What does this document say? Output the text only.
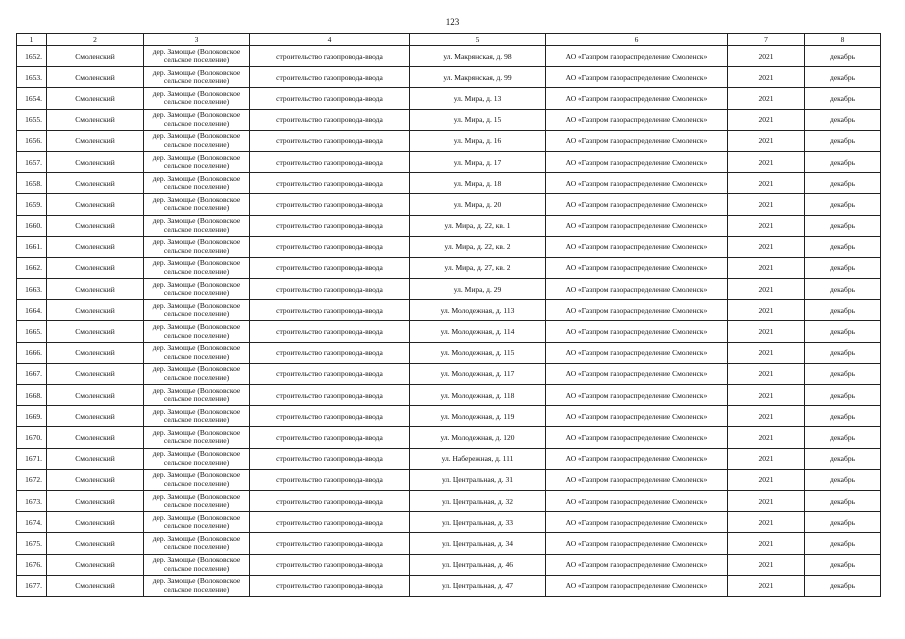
123
1	2	3	4	5	6	7	8
1652.	Смоленский	дер. Замощье (Волоковское сельское поселение)	строительство газопровода-ввода	ул. Макрянская, д. 98	АО «Газпром газораспределение Смоленск»	2021	декабрь
1653.	Смоленский	дер. Замощье (Волоковское сельское поселение)	строительство газопровода-ввода	ул. Макрянская, д. 99	АО «Газпром газораспределение Смоленск»	2021	декабрь
1654.	Смоленский	дер. Замощье (Волоковское сельское поселение)	строительство газопровода-ввода	ул. Мира, д. 13	АО «Газпром газораспределение Смоленск»	2021	декабрь
1655.	Смоленский	дер. Замощье (Волоковское сельское поселение)	строительство газопровода-ввода	ул. Мира, д. 15	АО «Газпром газораспределение Смоленск»	2021	декабрь
1656.	Смоленский	дер. Замощье (Волоковское сельское поселение)	строительство газопровода-ввода	ул. Мира, д. 16	АО «Газпром газораспределение Смоленск»	2021	декабрь
1657.	Смоленский	дер. Замощье (Волоковское сельское поселение)	строительство газопровода-ввода	ул. Мира, д. 17	АО «Газпром газораспределение Смоленск»	2021	декабрь
1658.	Смоленский	дер. Замощье (Волоковское сельское поселение)	строительство газопровода-ввода	ул. Мира, д. 18	АО «Газпром газораспределение Смоленск»	2021	декабрь
1659.	Смоленский	дер. Замощье (Волоковское сельское поселение)	строительство газопровода-ввода	ул. Мира, д. 20	АО «Газпром газораспределение Смоленск»	2021	декабрь
1660.	Смоленский	дер. Замощье (Волоковское сельское поселение)	строительство газопровода-ввода	ул. Мира, д. 22, кв. 1	АО «Газпром газораспределение Смоленск»	2021	декабрь
1661.	Смоленский	дер. Замощье (Волоковское сельское поселение)	строительство газопровода-ввода	ул. Мира, д. 22, кв. 2	АО «Газпром газораспределение Смоленск»	2021	декабрь
1662.	Смоленский	дер. Замощье (Волоковское сельское поселение)	строительство газопровода-ввода	ул. Мира, д. 27, кв. 2	АО «Газпром газораспределение Смоленск»	2021	декабрь
1663.	Смоленский	дер. Замощье (Волоковское сельское поселение)	строительство газопровода-ввода	ул. Мира, д. 29	АО «Газпром газораспределение Смоленск»	2021	декабрь
1664.	Смоленский	дер. Замощье (Волоковское сельское поселение)	строительство газопровода-ввода	ул. Молодежная, д. 113	АО «Газпром газораспределение Смоленск»	2021	декабрь
1665.	Смоленский	дер. Замощье (Волоковское сельское поселение)	строительство газопровода-ввода	ул. Молодежная, д. 114	АО «Газпром газораспределение Смоленск»	2021	декабрь
1666.	Смоленский	дер. Замощье (Волоковское сельское поселение)	строительство газопровода-ввода	ул. Молодежная, д. 115	АО «Газпром газораспределение Смоленск»	2021	декабрь
1667.	Смоленский	дер. Замощье (Волоковское сельское поселение)	строительство газопровода-ввода	ул. Молодежная, д. 117	АО «Газпром газораспределение Смоленск»	2021	декабрь
1668.	Смоленский	дер. Замощье (Волоковское сельское поселение)	строительство газопровода-ввода	ул. Молодежная, д. 118	АО «Газпром газораспределение Смоленск»	2021	декабрь
1669.	Смоленский	дер. Замощье (Волоковское сельское поселение)	строительство газопровода-ввода	ул. Молодежная, д. 119	АО «Газпром газораспределение Смоленск»	2021	декабрь
1670.	Смоленский	дер. Замощье (Волоковское сельское поселение)	строительство газопровода-ввода	ул. Молодежная, д. 120	АО «Газпром газораспределение Смоленск»	2021	декабрь
1671.	Смоленский	дер. Замощье (Волоковское сельское поселение)	строительство газопровода-ввода	ул. Набережная, д. 111	АО «Газпром газораспределение Смоленск»	2021	декабрь
1672.	Смоленский	дер. Замощье (Волоковское сельское поселение)	строительство газопровода-ввода	ул. Центральная, д. 31	АО «Газпром газораспределение Смоленск»	2021	декабрь
1673.	Смоленский	дер. Замощье (Волоковское сельское поселение)	строительство газопровода-ввода	ул. Центральная, д. 32	АО «Газпром газораспределение Смоленск»	2021	декабрь
1674.	Смоленский	дер. Замощье (Волоковское сельское поселение)	строительство газопровода-ввода	ул. Центральная, д. 33	АО «Газпром газораспределение Смоленск»	2021	декабрь
1675.	Смоленский	дер. Замощье (Волоковское сельское поселение)	строительство газопровода-ввода	ул. Центральная, д. 34	АО «Газпром газораспределение Смоленск»	2021	декабрь
1676.	Смоленский	дер. Замощье (Волоковское сельское поселение)	строительство газопровода-ввода	ул. Центральная, д. 46	АО «Газпром газораспределение Смоленск»	2021	декабрь
1677.	Смоленский	дер. Замощье (Волоковское сельское поселение)	строительство газопровода-ввода	ул. Центральная, д. 47	АО «Газпром газораспределение Смоленск»	2021	декабрь
